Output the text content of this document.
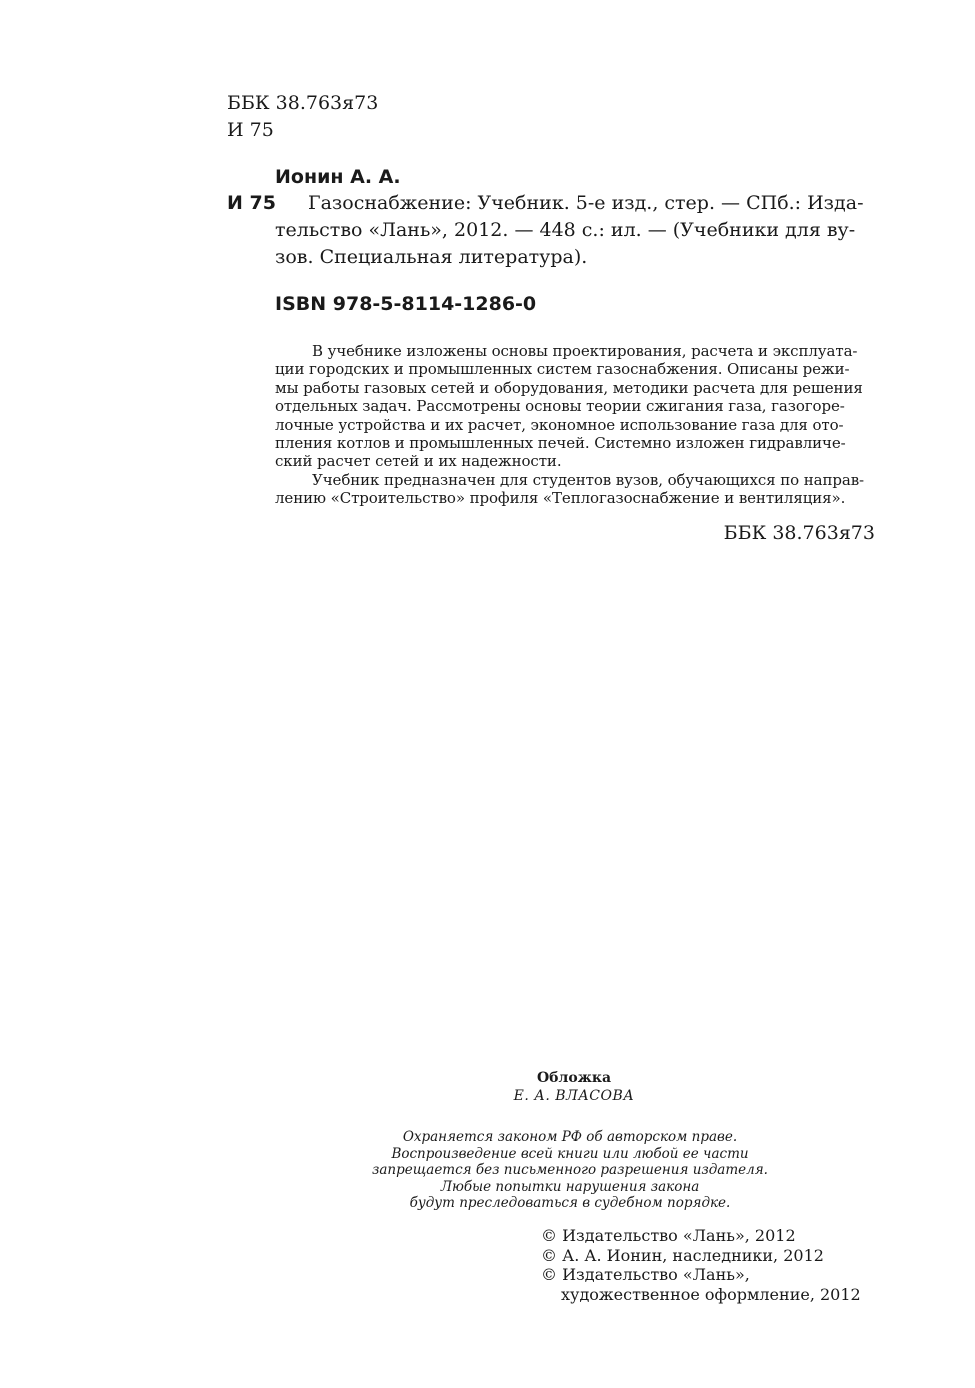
ББК 38.763я73
И 75
Ионин А. А.
И 75 Газоснабжение: Учебник. 5-е изд., стер. — СПб.: Изда-
тельство «Лань», 2012. — 448 с.: ил. — (Учебники для ву-
зов. Специальная литература).
ISBN 978-5-8114-1286-0
В учебнике изложены основы проектирования, расчета и эксплуата-
ции городских и промышленных систем газоснабжения. Описаны режи-
мы работы газовых сетей и оборудования, методики расчета для решения
отдельных задач. Рассмотрены основы теории сжигания газа, газогоре-
лочные устройства и их расчет, экономное использование газа для ото-
пления котлов и промышленных печей. Системно изложен гидравличе-
ский расчет сетей и их надежности.
Учебник предназначен для студентов вузов, обучающихся по направ-
лению «Строительство» профиля «Теплогазоснабжение и вентиляция».
ББК 38.763я73
Обложка
Е. А. ВЛАСОВА
Охраняется законом РФ об авторском праве.
Воспроизведение всей книги или любой ее части
запрещается без письменного разрешения издателя.
Любые попытки нарушения закона
будут преследоваться в судебном порядке.
© Издательство «Лань», 2012
© А. А. Ионин, наследники, 2012
© Издательство «Лань»,
художественное оформление, 2012
